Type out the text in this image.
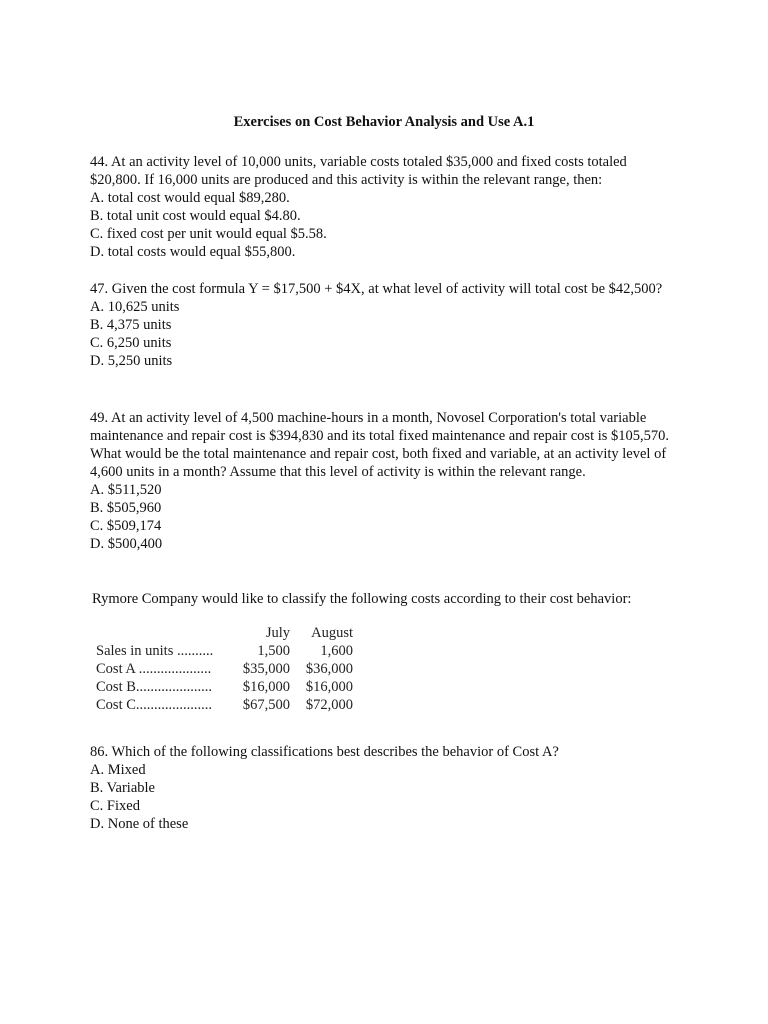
Exercises on Cost Behavior Analysis and Use A.1

44. At an activity level of 10,000 units, variable costs totaled $35,000 and fixed costs totaled $20,800. If 16,000 units are produced and this activity is within the relevant range, then:

A. total cost would equal $89,280.

B. total unit cost would equal $4.80.

C. fixed cost per unit would equal $5.58.

D. total costs would equal $55,800.

47. Given the cost formula Y = $17,500 + $4X, at what level of activity will total cost be $42,500?

A. 10,625 units

B. 4,375 units

C. 6,250 units

D. 5,250 units

49. At an activity level of 4,500 machine-hours in a month, Novosel Corporation's total variable maintenance and repair cost is $394,830 and its total fixed maintenance and repair cost is $105,570. What would be the total maintenance and repair cost, both fixed and variable, at an activity level of 4,600 units in a month? Assume that this level of activity is within the relevant range.

A. $511,520

B. $505,960

C. $509,174

D. $500,400

Rymore Company would like to classify the following costs according to their cost behavior:
	July	August
Sales in units ..........	1,500	1,600
Cost A ....................	$35,000	$36,000
Cost B.....................	$16,000	$16,000
Cost C.....................	$67,500	$72,000

86. Which of the following classifications best describes the behavior of Cost A?

A. Mixed

B. Variable

C. Fixed

D. None of these
